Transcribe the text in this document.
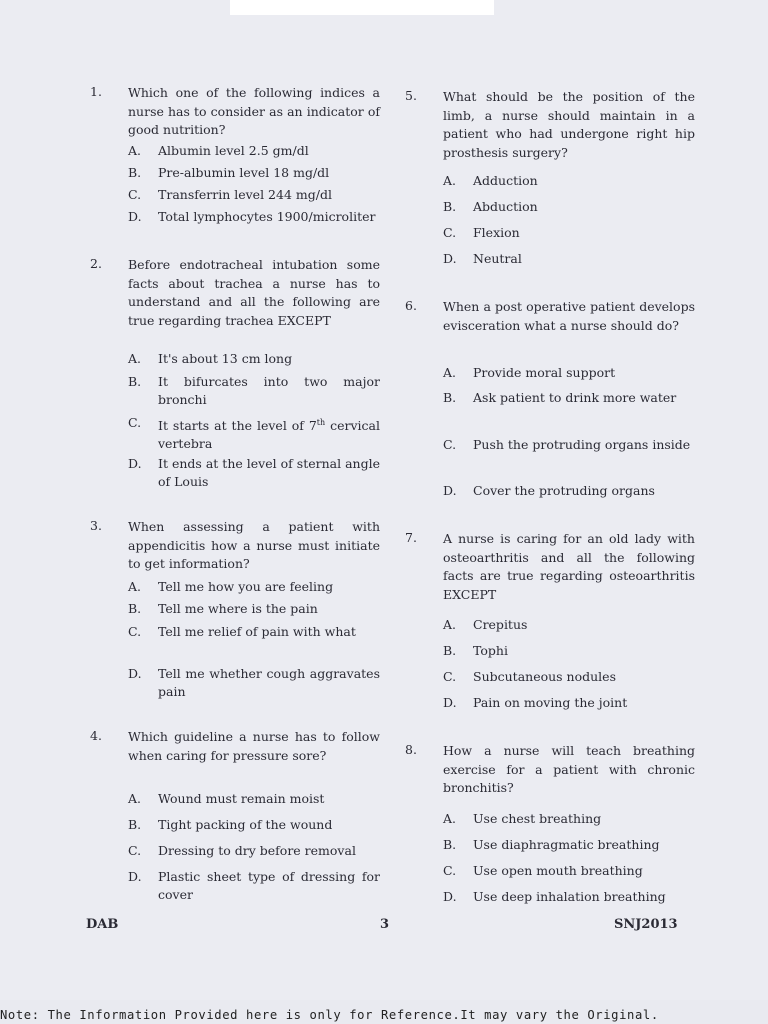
1.	Which one of the following indices a nurse has to consider as an indicator of good nutrition?
A.	Albumin level 2.5 gm/dl
B.	Pre-albumin level 18 mg/dl
C.	Transferrin level 244 mg/dl
D.	Total lymphocytes 1900/microliter
2.	Before endotracheal intubation some facts about trachea a nurse has to understand and all the following are true regarding trachea EXCEPT
A.	It's about 13 cm long
B.	It bifurcates into two major bronchi
C.	It starts at the level of 7th cervical vertebra
D.	It ends at the level of sternal angle of Louis
3.	When assessing a patient with appendicitis how a nurse must initiate to get information?
A.	Tell me how you are feeling
B.	Tell me where is the pain
C.	Tell me relief of pain with what
D.	Tell me whether cough aggravates pain
4.	Which guideline a nurse has to follow when caring for pressure sore?
A.	Wound must remain moist
B.	Tight packing of the wound
C.	Dressing to dry before removal
D.	Plastic sheet type of dressing for cover
5.	What should be the position of the limb, a nurse should maintain in a patient who had undergone right hip prosthesis surgery?
A.	Adduction
B.	Abduction
C.	Flexion
D.	Neutral
6.	When a post operative patient develops evisceration what a nurse should do?
A.	Provide moral support
B.	Ask patient to drink more water
C.	Push the protruding organs inside
D.	Cover the protruding organs
7.	A nurse is caring for an old lady with osteoarthritis and all the following facts are true regarding osteoarthritis EXCEPT
A.	Crepitus
B.	Tophi
C.	Subcutaneous nodules
D.	Pain on moving the joint
8.	How a nurse will teach breathing exercise for a patient with chronic bronchitis?
A.	Use chest breathing
B.	Use diaphragmatic breathing
C.	Use open mouth breathing
D.	Use deep inhalation breathing
DAB	3	SNJ2013
Note: The Information Provided here is only for Reference.It may vary the Original.
